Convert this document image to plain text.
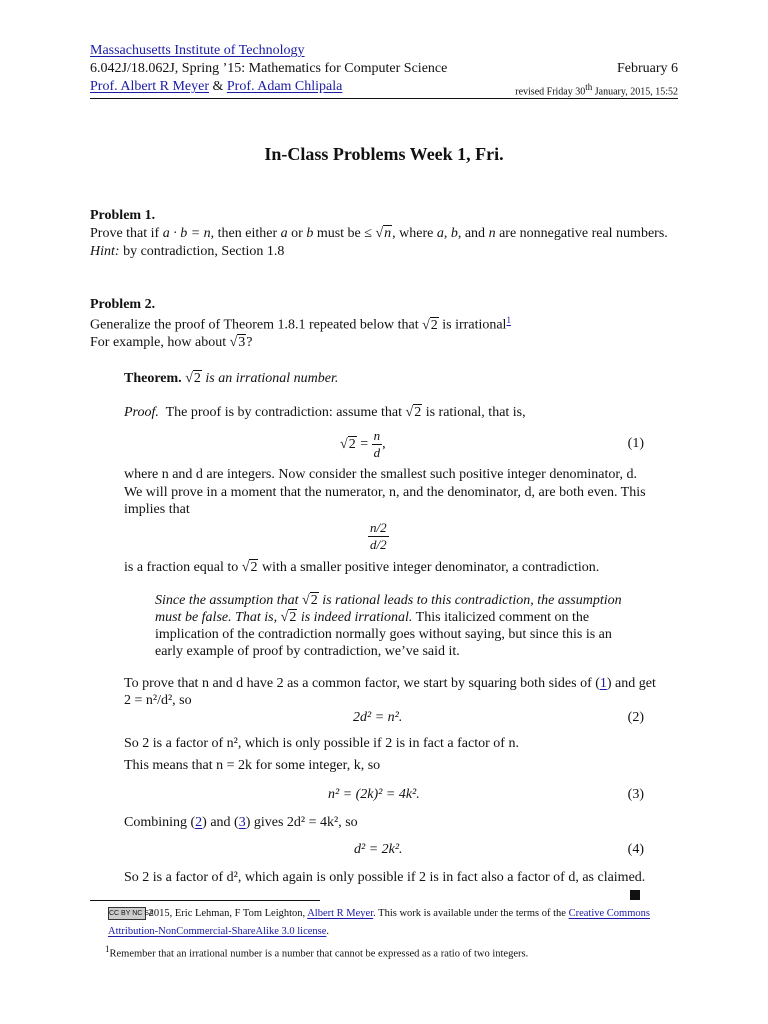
Massachusetts Institute of Technology
6.042J/18.062J, Spring ’15: Mathematics for Computer Science	February 6
Prof. Albert R Meyer & Prof. Adam Chlipala	revised Friday 30th January, 2015, 15:52
In-Class Problems Week 1, Fri.
Problem 1.
Prove that if a · b = n, then either a or b must be ≤ √n, where a, b, and n are nonnegative real numbers.
Hint: by contradiction, Section 1.8
Problem 2.
Generalize the proof of Theorem 1.8.1 repeated below that √2 is irrational$^1$
For example, how about √3?
Theorem. √2 is an irrational number.
Proof. The proof is by contradiction: assume that √2 is rational, that is,
$√2 = \frac{n}{d}$ ,	(1)
where n and d are integers. Now consider the smallest such positive integer denominator, d.
We will prove in a moment that the numerator, n, and the denominator, d, are both even. This
implies that
$\frac{n/2}{d/2}$
is a fraction equal to √2 with a smaller positive integer denominator, a contradiction.
Since the assumption that √2 is rational leads to this contradiction, the assumption
must be false. That is, √2 is indeed irrational. This italicized comment on the
implication of the contradiction normally goes without saying, but since this is an
early example of proof by contradiction, we’ve said it.
To prove that n and d have 2 as a common factor, we start by squaring both sides of (1) and get
2 = n²/d², so
2d² = n².	(2)
So 2 is a factor of n², which is only possible if 2 is in fact a factor of n.
This means that n = 2k for some integer, k, so
n² = (2k)² = 4k².	(3)
Combining (2) and (3) gives 2d² = 4k², so
d² = 2k².	(4)
So 2 is a factor of d², which again is only possible if 2 is in fact also a factor of d, as claimed.
CC BY NC SA 2015, Eric Lehman, F Tom Leighton, Albert R Meyer. This work is available under the terms of the Creative Commons
Attribution-NonCommercial-ShareAlike 3.0 license.
1Remember that an irrational number is a number that cannot be expressed as a ratio of two integers.
